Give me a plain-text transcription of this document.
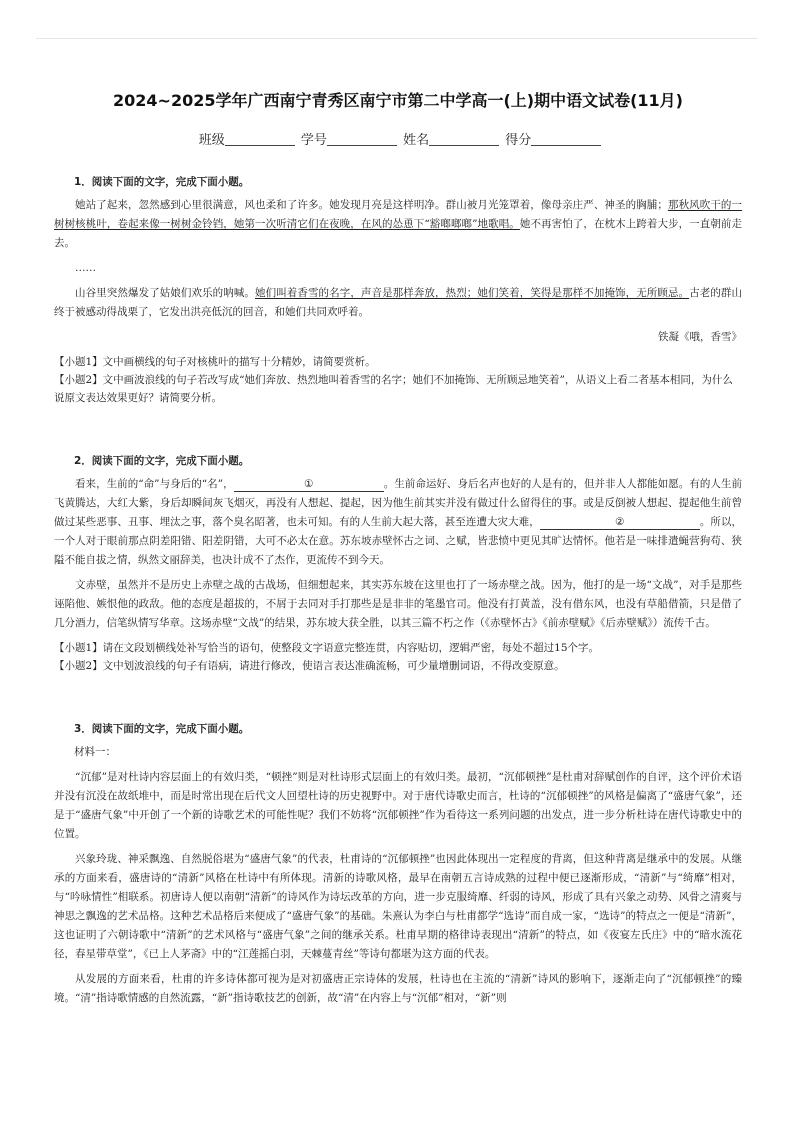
2024~2025学年广西南宁青秀区南宁市第二中学高一(上)期中语文试卷(11月)
班级	学号	姓名	得分
1．阅读下面的文字，完成下面小题。

她站了起来，忽然感到心里很满意，风也柔和了许多。她发现月亮是这样明净。群山被月光笼罩着，像母亲庄严、神圣的胸脯；那秋风吹干的一树树核桃叶，卷起来像一树树金铃铛，她第一次听清它们在夜晚，在风的怂恿下“豁啷啷啷”地歌唱。她不再害怕了，在枕木上跨着大步，一直朝前走去。

……

山谷里突然爆发了姑娘们欢乐的呐喊。她们叫着香雪的名字，声音是那样奔放，热烈；她们笑着，笑得是那样不加掩饰，无所顾忌。古老的群山终于被感动得战栗了，它发出洪亮低沉的回音，和她们共同欢呼着。

铁凝《哦，香雪》

【小题1】文中画横线的句子对核桃叶的描写十分精妙，请简要赏析。

【小题2】文中画波浪线的句子若改写成“她们奔放、热烈地叫着香雪的名字；她们不加掩饰、无所顾忌地笑着”，从语义上看二者基本相同，为什么说原文表达效果更好？请简要分析。

2．阅读下面的文字，完成下面小题。

看来，生前的“命”与身后的“名”，	①	。生前命运好、身后名声也好的人是有的，但并非人人都能如愿。有的人生前飞黄腾达，大红大紫，身后却瞬间灰飞烟灭，再没有人想起、提起，因为他生前其实并没有做过什么留得住的事。或是反倒被人想起、提起他生前曾做过某些恶事、丑事、埋汰之事，落个臭名昭著，也未可知。有的人生前大起大落，甚至连遭大灾大难，	②	。所以，一个人对于眼前那点阴差阳错、阳差阴错，大可不必太在意。苏东坡赤壁怀古之词、之赋，皆悲愤中更见其旷达情怀。他若是一味排遣蝇营狗苟、狭隘不能自拔之情，纵然文丽辞美，也决计成不了杰作，更流传不到今天。

文赤壁，虽然并不是历史上赤壁之战的古战场，但细想起来，其实苏东坡在这里也打了一场赤壁之战。因为，他打的是一场“文战”，对手是那些诬陷他、嫉恨他的政敌。他的态度是超拔的，不屑于去同对手打那些是是非非的笔墨官司。他没有打黄盖，没有借东风，也没有草船借箭，只是借了几分酒力，信笔纵情写华章。这场赤壁“文战”的结果，苏东坡大获全胜，以其三篇不朽之作（《赤壁怀古》《前赤壁赋》《后赤壁赋》）流传千古。

【小题1】请在文段划横线处补写恰当的语句，使整段文字语意完整连贯，内容贴切，逻辑严密，每处不超过15个字。

【小题2】文中划波浪线的句子有语病，请进行修改，使语言表达准确流畅，可少量增删词语，不得改变原意。

3．阅读下面的文字，完成下面小题。
材料一：

“沉郁”是对杜诗内容层面上的有效归类，“顿挫”则是对杜诗形式层面上的有效归类。最初，“沉郁顿挫”是杜甫对辞赋创作的自评，这个评价术语并没有沉没在故纸堆中，而是时常出现在后代文人回望杜诗的历史视野中。对于唐代诗歌史而言，杜诗的“沉郁顿挫”的风格是偏离了“盛唐气象”，还是于“盛唐气象”中开创了一个新的诗歌艺术的可能性呢？我们不妨将“沉郁顿挫”作为看待这一系列问题的出发点，进一步分析杜诗在唐代诗歌史中的位置。

兴象玲珑、神采飘逸、自然脱俗堪为“盛唐气象”的代表，杜甫诗的“沉郁顿挫”也因此体现出一定程度的背离，但这种背离是继承中的发展。从继承的方面来看，盛唐诗的“清新”风格在杜诗中有所体现。清新的诗歌风格，最早在南朝五言诗成熟的过程中便已逐渐形成，“清新”与“绮靡”相对，与“吟咏情性”相联系。初唐诗人便以南朝“清新”的诗风作为诗坛改革的方向，进一步克服绮靡、纤弱的诗风，形成了具有兴象之动势、风骨之清爽与神思之飘逸的艺术品格。这种艺术品格后来便成了“盛唐气象”的基础。朱熹认为李白与杜甫都学“选诗”而自成一家，“选诗”的特点之一便是“清新”，这也证明了六朝诗歌中“清新”的艺术风格与“盛唐气象”之间的继承关系。杜甫早期的格律诗表现出“清新”的特点，如《夜宴左氏庄》中的“暗水流花径，春星带草堂”，《已上人茅斋》中的“江莲摇白羽，天棘蔓青丝”等诗句都堪为这方面的代表。

从发展的方面来看，杜甫的许多诗体都可视为是对初盛唐正宗诗体的发展，杜诗也在主流的“清新”诗风的影响下，逐渐走向了“沉郁顿挫”的臻境。“清”指诗歌情感的自然流露，“新”指诗歌技艺的创新，故“清”在内容上与“沉郁”相对，“新”则
